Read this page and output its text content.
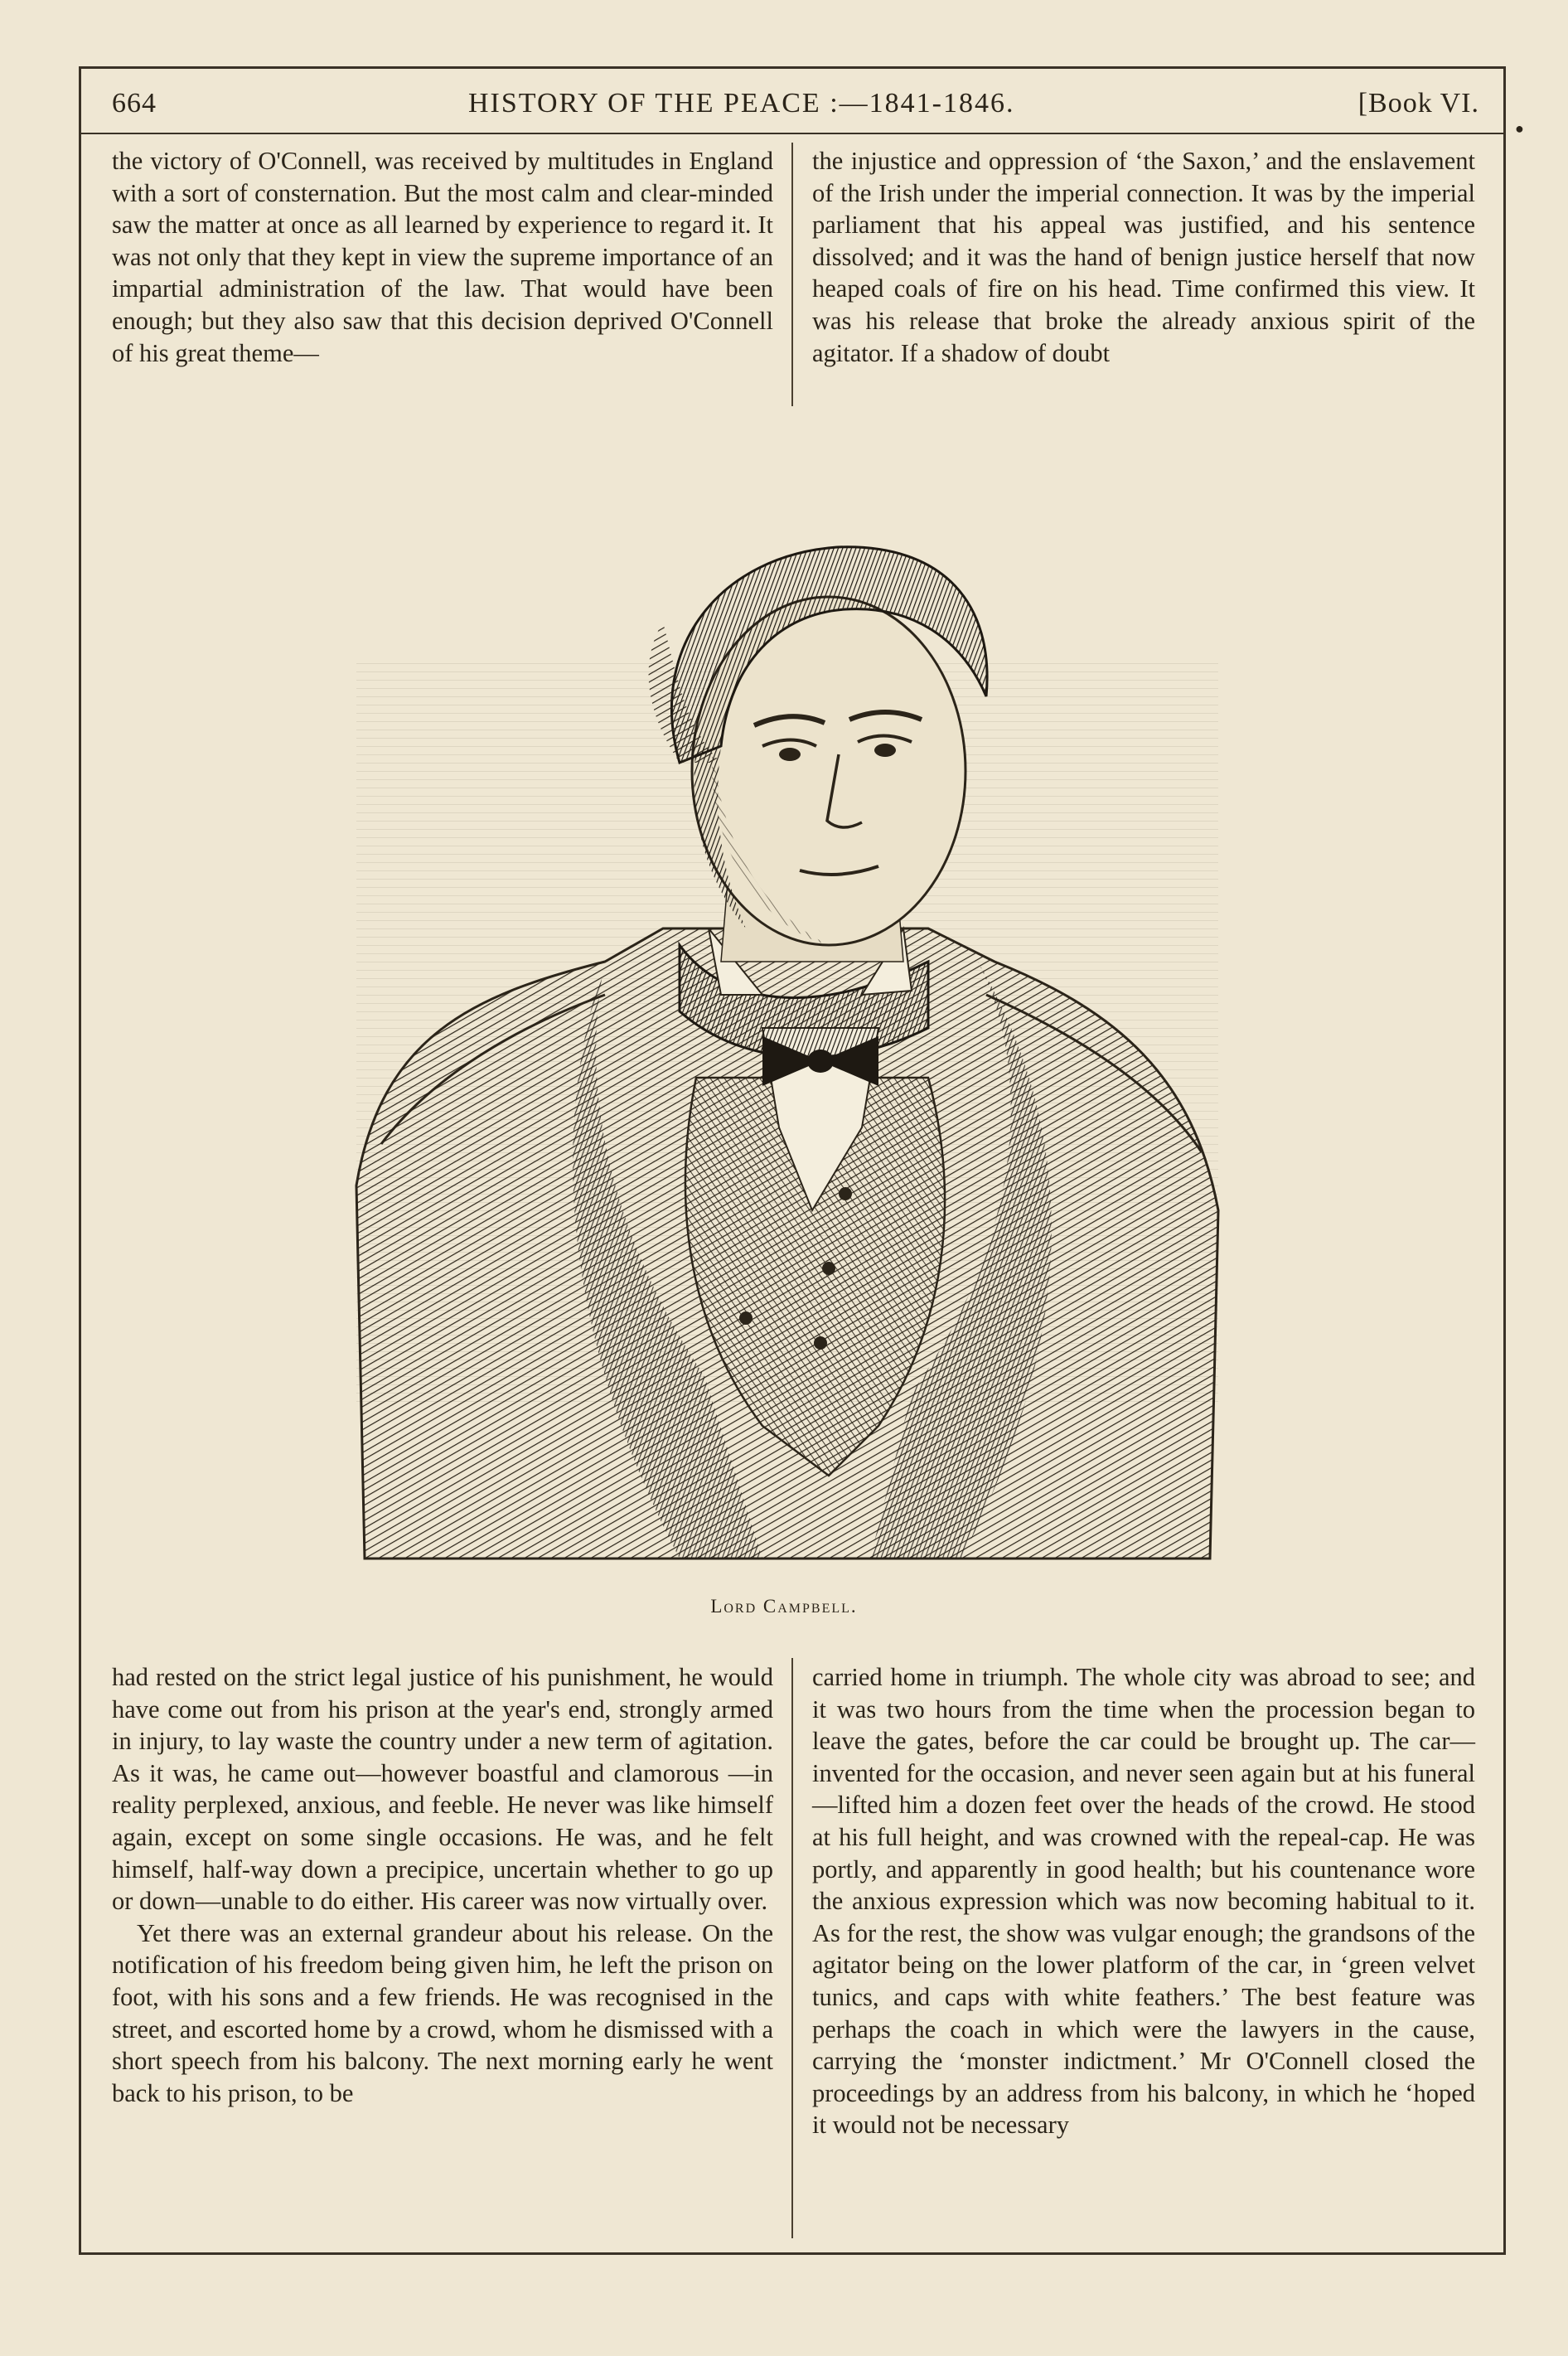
664	HISTORY OF THE PEACE :—1841-1846.	[Book VI.
●

the victory of O'Connell, was received by multitudes in England with a sort of consternation. But the most calm and clear-minded saw the matter at once as all learned by experience to regard it. It was not only that they kept in view the supreme importance of an impartial administration of the law. That would have been enough; but they also saw that this decision deprived O'Connell of his great theme—

the injustice and oppression of ‘the Saxon,’ and the enslavement of the Irish under the imperial connection. It was by the imperial parliament that his appeal was justified, and his sentence dissolved; and it was the hand of benign justice herself that now heaped coals of fire on his head. Time confirmed this view. It was his release that broke the already anxious spirit of the agitator. If a shadow of doubt

Lord Campbell.

had rested on the strict legal justice of his punishment, he would have come out from his prison at the year's end, strongly armed in injury, to lay waste the country under a new term of agitation. As it was, he came out—however boastful and clamorous —in reality perplexed, anxious, and feeble. He never was like himself again, except on some single occasions. He was, and he felt himself, half-way down a precipice, uncertain whether to go up or down—unable to do either. His career was now virtually over.

Yet there was an external grandeur about his release. On the notification of his freedom being given him, he left the prison on foot, with his sons and a few friends. He was recognised in the street, and escorted home by a crowd, whom he dismissed with a short speech from his balcony. The next morning early he went back to his prison, to be

carried home in triumph. The whole city was abroad to see; and it was two hours from the time when the procession began to leave the gates, before the car could be brought up. The car—invented for the occasion, and never seen again but at his funeral—lifted him a dozen feet over the heads of the crowd. He stood at his full height, and was crowned with the repeal-cap. He was portly, and apparently in good health; but his countenance wore the anxious expression which was now becoming habitual to it. As for the rest, the show was vulgar enough; the grandsons of the agitator being on the lower platform of the car, in ‘green velvet tunics, and caps with white feathers.’ The best feature was perhaps the coach in which were the lawyers in the cause, carrying the ‘monster indictment.’ Mr O'Connell closed the proceedings by an address from his balcony, in which he ‘hoped it would not be necessary
